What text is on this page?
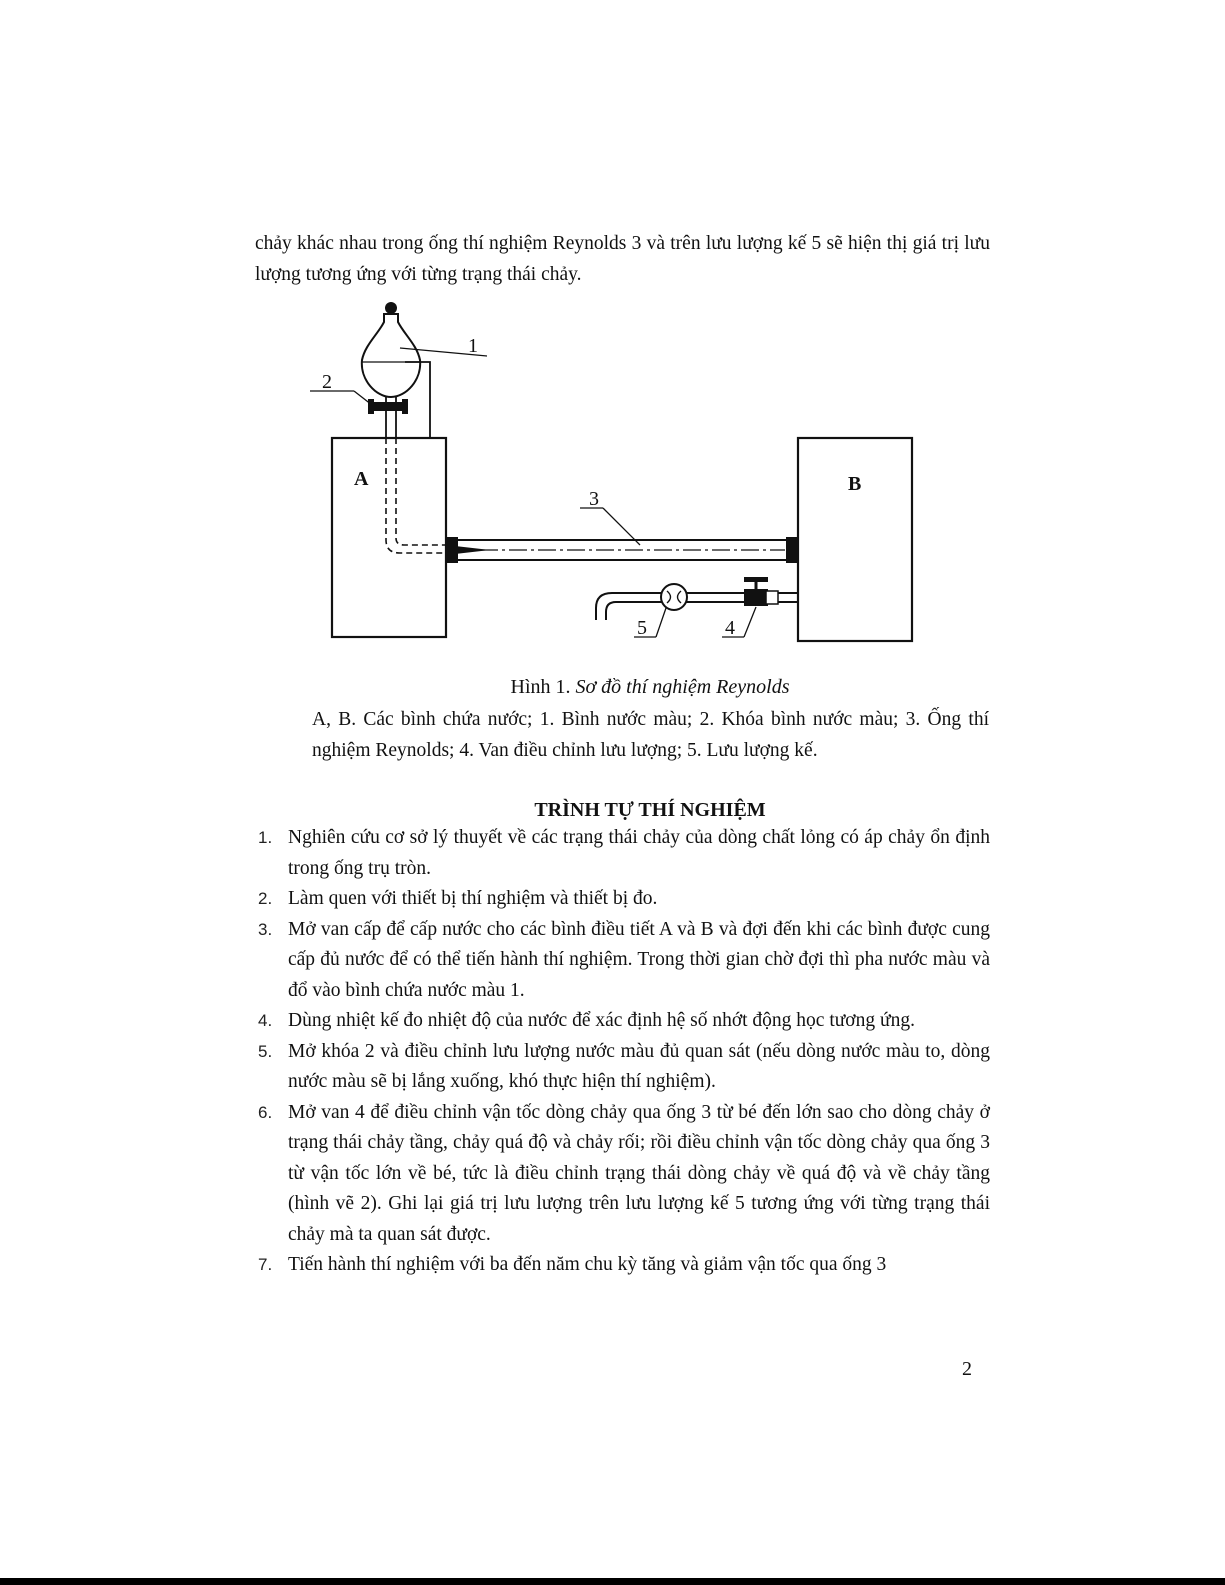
chảy khác nhau trong ống thí nghiệm Reynolds 3 và trên lưu lượng kế 5 sẽ hiện thị giá trị lưu lượng tương ứng với từng trạng thái chảy.

A	B
1
2
3
5	4

Hình 1. Sơ đồ thí nghiệm Reynolds

A, B. Các bình chứa nước; 1. Bình nước màu; 2. Khóa bình nước màu; 3. Ống thí nghiệm Reynolds; 4. Van điều chỉnh lưu lượng; 5. Lưu lượng kế.

TRÌNH TỰ THÍ NGHIỆM

1. Nghiên cứu cơ sở lý thuyết về các trạng thái chảy của dòng chất lỏng có áp chảy ổn định trong ống trụ tròn.
2. Làm quen với thiết bị thí nghiệm và thiết bị đo.
3. Mở van cấp để cấp nước cho các bình điều tiết A và B và đợi đến khi các bình được cung cấp đủ nước để có thể tiến hành thí nghiệm. Trong thời gian chờ đợi thì pha nước màu và đổ vào bình chứa nước màu 1.
4. Dùng nhiệt kế đo nhiệt độ của nước để xác định hệ số nhớt động học tương ứng.
5. Mở khóa 2 và điều chỉnh lưu lượng nước màu đủ quan sát (nếu dòng nước màu to, dòng nước màu sẽ bị lắng xuống, khó thực hiện thí nghiệm).
6. Mở van 4 để điều chỉnh vận tốc dòng chảy qua ống 3 từ bé đến lớn sao cho dòng chảy ở trạng thái chảy tầng, chảy quá độ và chảy rối; rồi điều chỉnh vận tốc dòng chảy qua ống 3 từ vận tốc lớn về bé, tức là điều chỉnh trạng thái dòng chảy về quá độ và về chảy tầng (hình vẽ 2). Ghi lại giá trị lưu lượng trên lưu lượng kế 5 tương ứng với từng trạng thái chảy mà ta quan sát được.
7. Tiến hành thí nghiệm với ba đến năm chu kỳ tăng và giảm vận tốc qua ống 3

2
